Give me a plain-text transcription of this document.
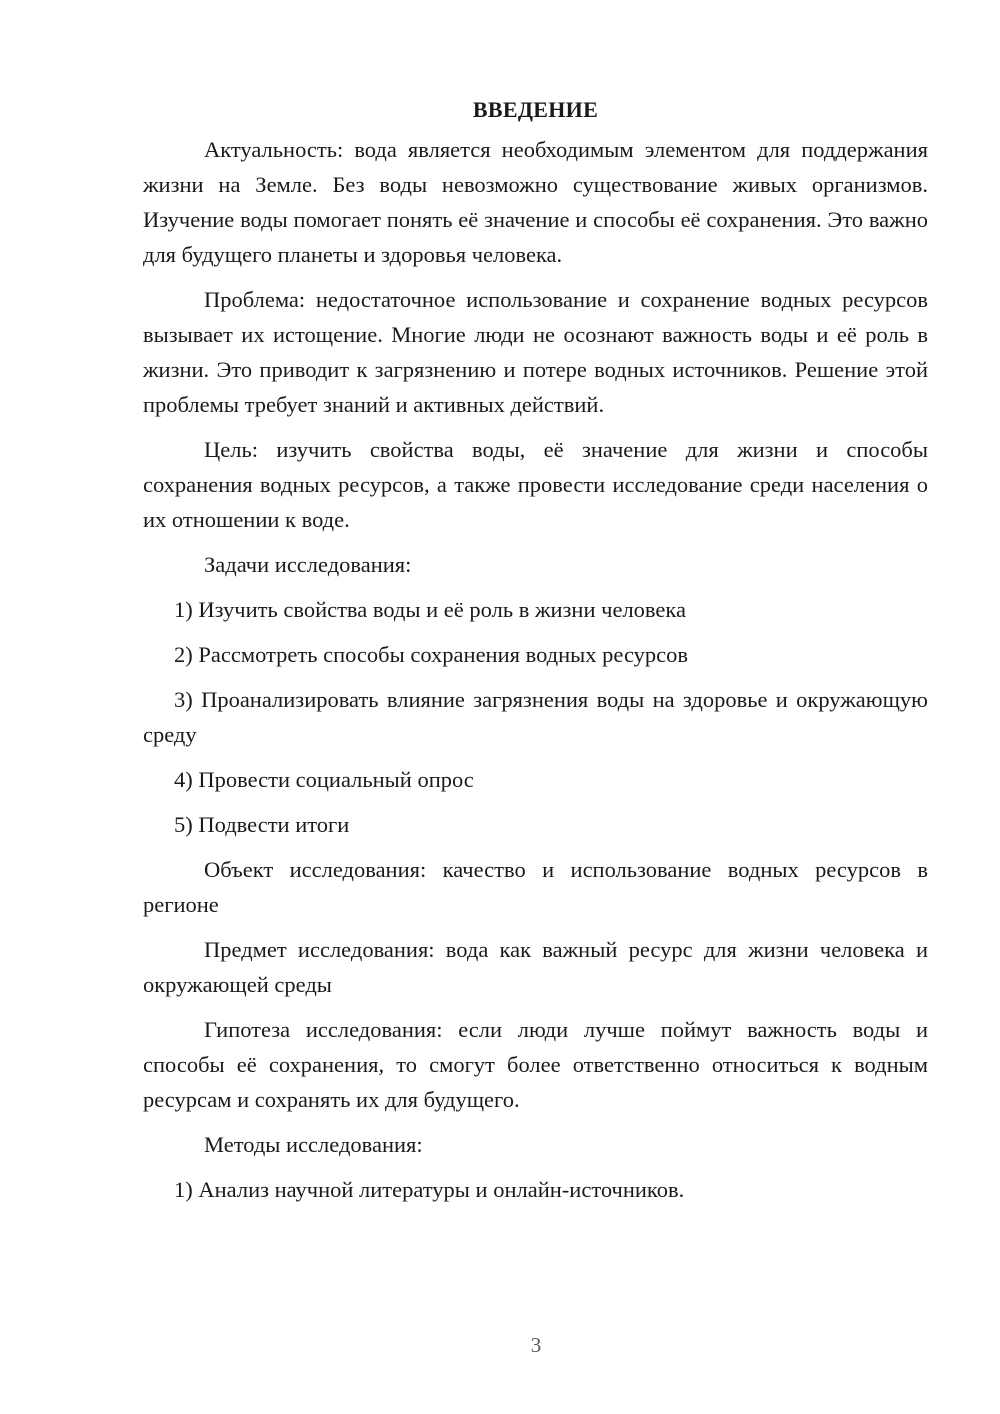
ВВЕДЕНИЕ

Актуальность: вода является необходимым элементом для поддержания жизни на Земле. Без воды невозможно существование живых организмов. Изучение воды помогает понять её значение и способы её сохранения. Это важно для будущего планеты и здоровья человека.

Проблема: недостаточное использование и сохранение водных ресурсов вызывает их истощение. Многие люди не осознают важность воды и её роль в жизни. Это приводит к загрязнению и потере водных источников. Решение этой проблемы требует знаний и активных действий.

Цель: изучить свойства воды, её значение для жизни и способы сохранения водных ресурсов, а также провести исследование среди населения о их отношении к воде.

Задачи исследования:

1) Изучить свойства воды и её роль в жизни человека

2) Рассмотреть способы сохранения водных ресурсов

3) Проанализировать влияние загрязнения воды на здоровье и окружающую среду

4) Провести социальный опрос

5) Подвести итоги

Объект исследования: качество и использование водных ресурсов в регионе

Предмет исследования: вода как важный ресурс для жизни человека и окружающей среды

Гипотеза исследования: если люди лучше поймут важность воды и способы её сохранения, то смогут более ответственно относиться к водным ресурсам и сохранять их для будущего.

Методы исследования:

1) Анализ научной литературы и онлайн-источников.

3
